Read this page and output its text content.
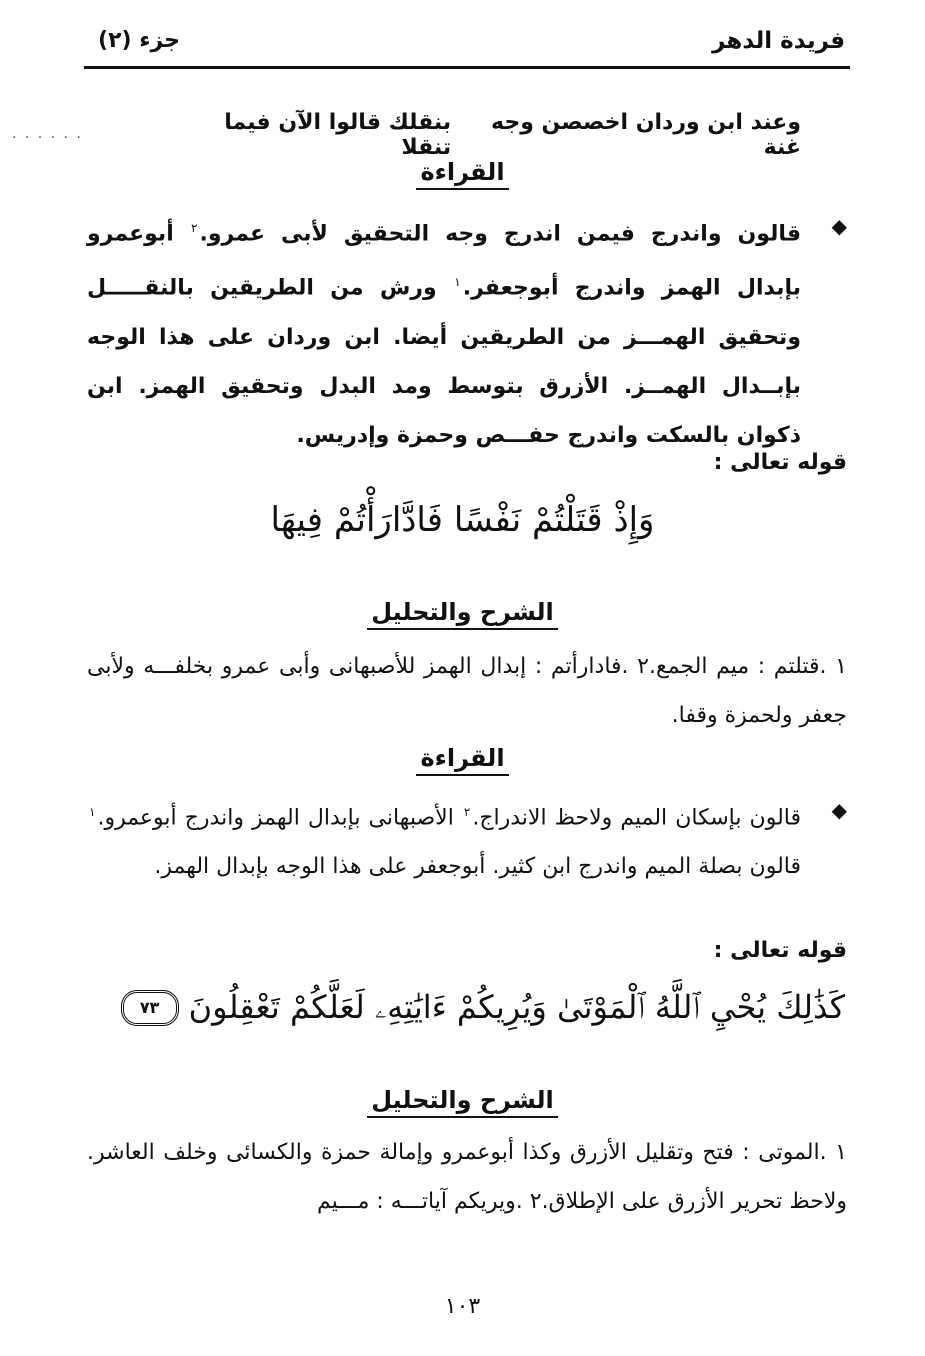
فريدة الدهر
جزء (٢)
. . . . . .	وعند ابن وردان اخصصن وجه غنة
بنقلك قالوا الآن فيما تنقلا
القراءة
◆
قالون واندرج فيمن اندرج وجه التحقيق لأبى عمرو.$^٢$ أبوعمرو بإبدال الهمز واندرج أبوجعفر.$^١$ ورش من الطريقين بالنقـــــل وتحقيق الهمـــز من الطريقين أيضا. ابن وردان على هذا الوجه بإبــدال الهمــز. الأزرق بتوسط ومد البدل وتحقيق الهمز. ابن ذكوان بالسكت واندرج حفـــص وحمزة وإدريس.
قوله تعالى :
وَإِذْ قَتَلْتُمْ نَفْسًا فَادَّارَأْتُمْ فِيهَا
الشرح والتحليل
١ .قتلتم : ميم الجمع.٢ .فادارأتم : إبدال الهمز للأصبهانى وأبى عمرو بخلفـــه ولأبى جعفر ولحمزة وقفا.
القراءة
◆
قالون بإسكان الميم ولاحظ الاندراج.$^٢$ الأصبهانى بإبدال الهمز واندرج أبوعمرو.$^١$ قالون بصلة الميم واندرج ابن كثير. أبوجعفر على هذا الوجه بإبدال الهمز.
قوله تعالى :
كَذَٰلِكَ يُحْيِ ٱللَّهُ ٱلْمَوْتَىٰ وَيُرِيكُمْ ءَايَٰتِهِۦ لَعَلَّكُمْ تَعْقِلُونَ
٧٣
الشرح والتحليل
١ .الموتى : فتح وتقليل الأزرق وكذا أبوعمرو وإمالة حمزة والكسائى وخلف العاشر. ولاحظ تحرير الأزرق على الإطلاق.٢ .ويريكم آياتـــه : مـــيم
١٠٣
